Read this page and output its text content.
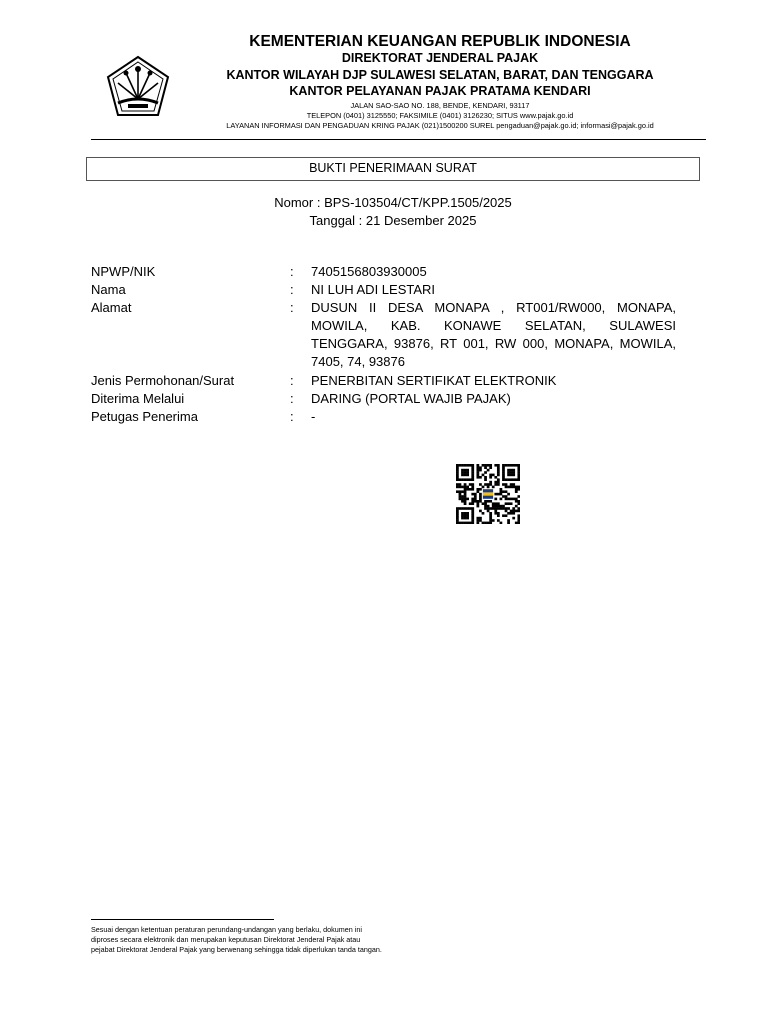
KEMENTERIAN KEUANGAN REPUBLIK INDONESIA
DIREKTORAT JENDERAL PAJAK
KANTOR WILAYAH DJP SULAWESI SELATAN, BARAT, DAN TENGGARA
KANTOR PELAYANAN PAJAK PRATAMA KENDARI
JALAN SAO-SAO NO. 188, BENDE, KENDARI, 93117
TELEPON (0401) 3125550; FAKSIMILE (0401) 3126230; SITUS www.pajak.go.id
LAYANAN INFORMASI DAN PENGADUAN KRING PAJAK (021)1500200 SUREL pengaduan@pajak.go.id; informasi@pajak.go.id
BUKTI PENERIMAAN SURAT
Nomor : BPS-103504/CT/KPP.1505/2025
Tanggal : 21 Desember 2025
NPWP/NIK	: 7405156803930005
Nama	: NI LUH ADI LESTARI
Alamat	: DUSUN II DESA MONAPA , RT001/RW000, MONAPA, MOWILA, KAB. KONAWE SELATAN, SULAWESI TENGGARA, 93876, RT 001, RW 000, MONAPA, MOWILA, 7405, 74, 93876
Jenis Permohonan/Surat	: PENERBITAN SERTIFIKAT ELEKTRONIK
Diterima Melalui	: DARING (PORTAL WAJIB PAJAK)
Petugas Penerima	: -
Sesuai dengan ketentuan peraturan perundang-undangan yang berlaku, dokumen ini
diproses secara elektronik dan merupakan keputusan Direktorat Jenderal Pajak atau
pejabat Direktorat Jenderal Pajak yang berwenang sehingga tidak diperlukan tanda tangan.
